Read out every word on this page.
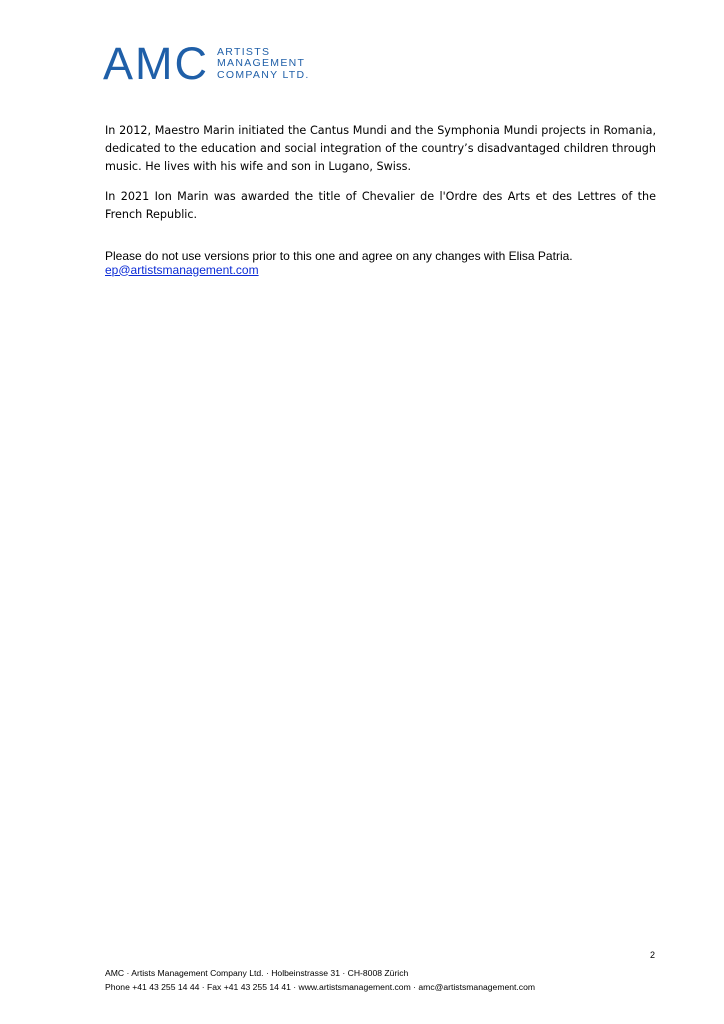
AMC ARTISTS
MANAGEMENT
COMPANY LTD.

In 2012, Maestro Marin initiated the Cantus Mundi and the Symphonia Mundi projects in Romania, dedicated to the education and social integration of the country’s disadvantaged children through music. He lives with his wife and son in Lugano, Swiss.

In 2021 Ion Marin was awarded the title of Chevalier de l'Ordre des Arts et des Lettres of the French Republic.

Please do not use versions prior to this one and agree on any changes with Elisa Patria.
ep@artistsmanagement.com
2
AMC · Artists Management Company Ltd. · Holbeinstrasse 31 · CH-8008 Zürich
Phone +41 43 255 14 44 · Fax +41 43 255 14 41 · www.artistsmanagement.com · amc@artistsmanagement.com
